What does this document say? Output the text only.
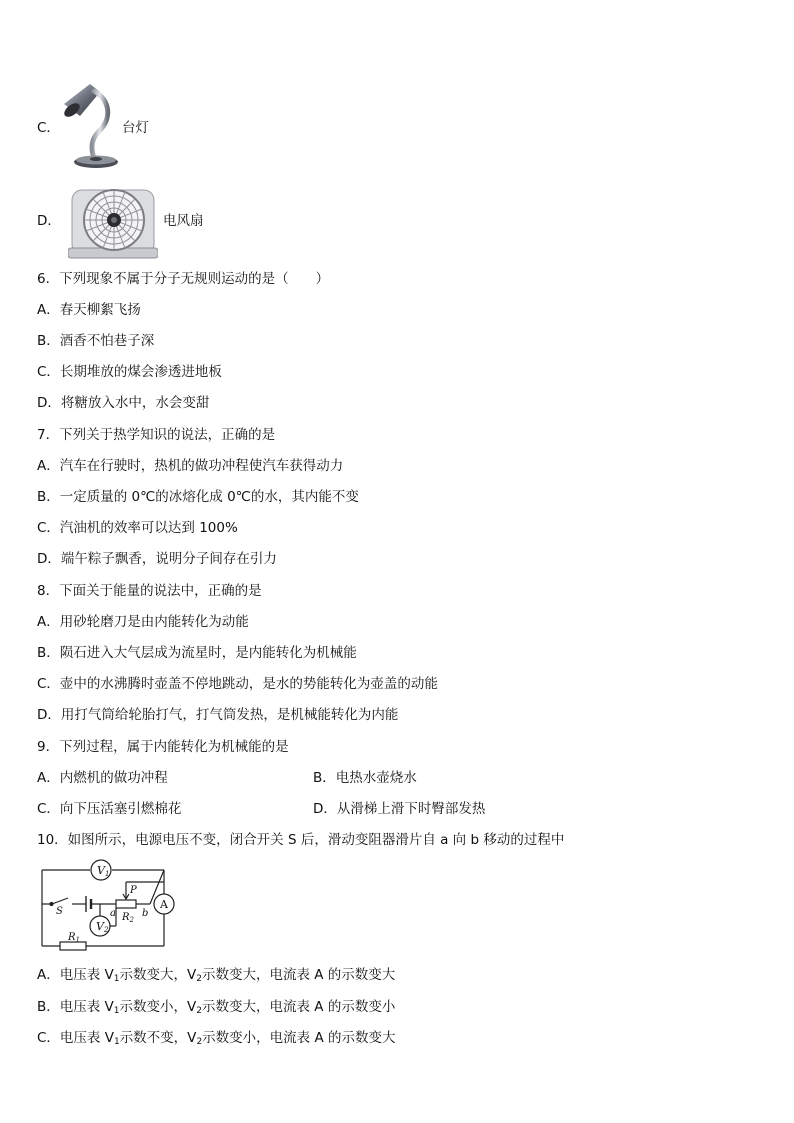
C．	台灯
D．	电风扇
6．下列现象不属于分子无规则运动的是（　　）
A．春天柳絮飞扬
B．酒香不怕巷子深
C．长期堆放的煤会渗透进地板
D．将糖放入水中，水会变甜
7．下列关于热学知识的说法，正确的是
A．汽车在行驶时，热机的做功冲程使汽车获得动力
B．一定质量的 0℃的冰熔化成 0℃的水，其内能不变
C．汽油机的效率可以达到 100%
D．端午粽子飘香，说明分子间存在引力
8．下面关于能量的说法中，正确的是
A．用砂轮磨刀是由内能转化为动能
B．陨石进入大气层成为流星时，是内能转化为机械能
C．壶中的水沸腾时壶盖不停地跳动，是水的势能转化为壶盖的动能
D．用打气筒给轮胎打气，打气筒发热，是机械能转化为内能
9．下列过程，属于内能转化为机械能的是
A．内燃机的做功冲程	B．电热水壶烧水
C．向下压活塞引燃棉花	D．从滑梯上滑下时臀部发热
10．如图所示，电源电压不变，闭合开关 S 后，滑动变阻器滑片自 a 向 b 移动的过程中
V1
V2
A
P
$R_2$
$R_1$
S	a	b
A．电压表 $V_1$示数变大，$V_2$示数变大，电流表 A 的示数变大
B．电压表 $V_1$示数变小，$V_2$示数变大，电流表 A 的示数变小
C．电压表 $V_1$示数不变，$V_2$示数变小，电流表 A 的示数变大
